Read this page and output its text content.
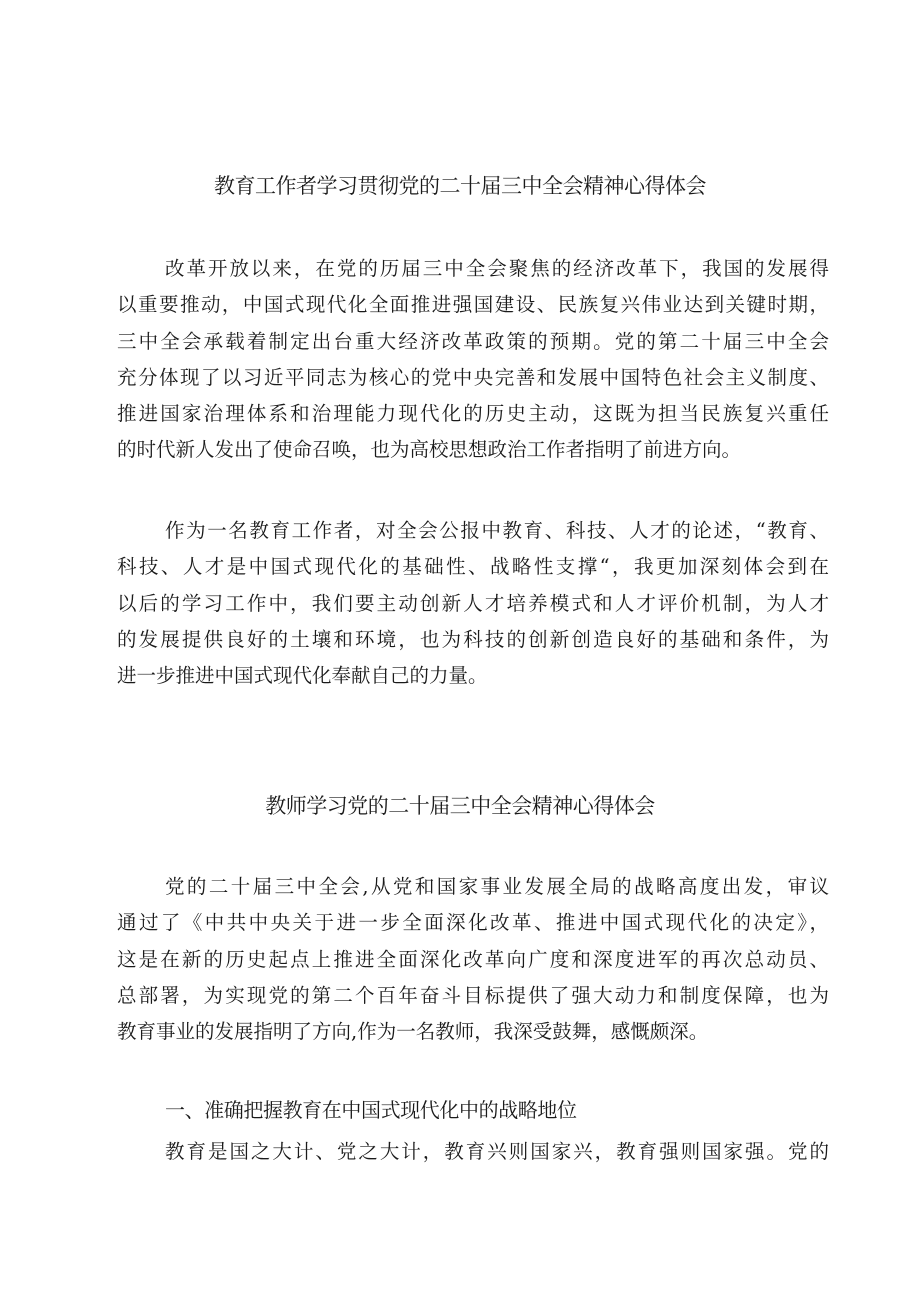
教育工作者学习贯彻党的二十届三中全会精神心得体会
改革开放以来，在党的历届三中全会聚焦的经济改革下，我国的发展得
以重要推动，中国式现代化全面推进强国建设、民族复兴伟业达到关键时期，
三中全会承载着制定出台重大经济改革政策的预期。党的第二十届三中全会
充分体现了以习近平同志为核心的党中央完善和发展中国特色社会主义制度、
推进国家治理体系和治理能力现代化的历史主动，这既为担当民族复兴重任
的时代新人发出了使命召唤，也为高校思想政治工作者指明了前进方向。
作为一名教育工作者，对全会公报中教育、科技、人才的论述，“教育、
科技、人才是中国式现代化的基础性、战略性支撑“，我更加深刻体会到在
以后的学习工作中，我们要主动创新人才培养模式和人才评价机制，为人才
的发展提供良好的土壤和环境，也为科技的创新创造良好的基础和条件，为
进一步推进中国式现代化奉献自己的力量。
教师学习党的二十届三中全会精神心得体会
党的二十届三中全会,从党和国家事业发展全局的战略高度出发，审议
通过了《中共中央关于进一步全面深化改革、推进中国式现代化的决定》，
这是在新的历史起点上推进全面深化改革向广度和深度进军的再次总动员、
总部署，为实现党的第二个百年奋斗目标提供了强大动力和制度保障，也为
教育事业的发展指明了方向,作为一名教师，我深受鼓舞，感慨颇深。
一、准确把握教育在中国式现代化中的战略地位
教育是国之大计、党之大计，教育兴则国家兴，教育强则国家强。党的
